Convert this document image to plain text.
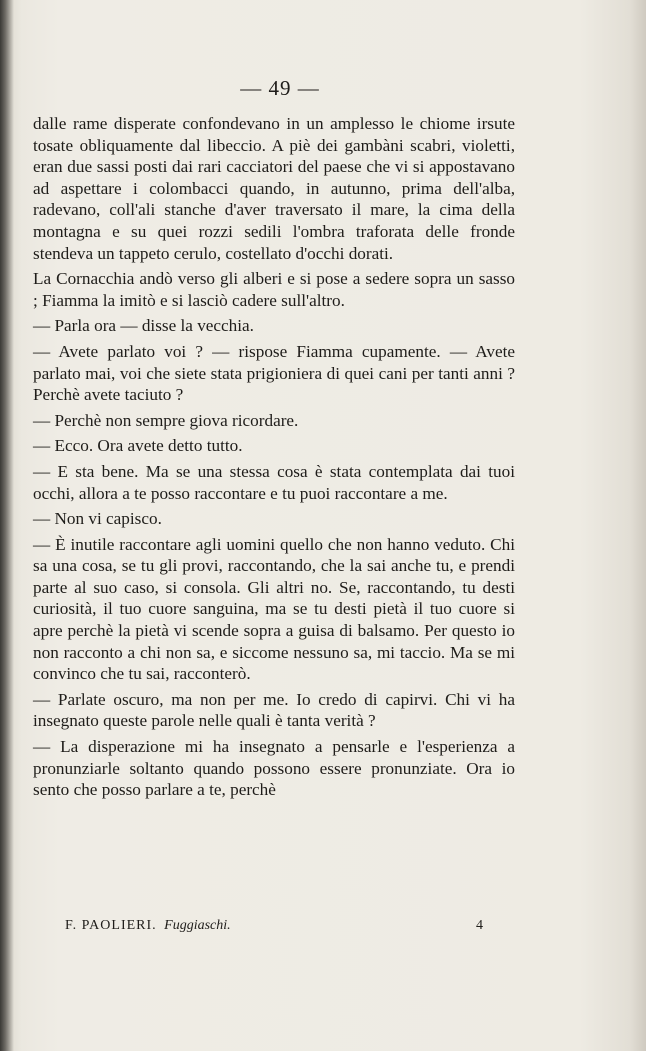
— 49 —

dalle rame disperate confondevano in un amplesso le chiome irsute tosate obliquamente dal libeccio. A piè dei gambàni scabri, violetti, eran due sassi posti dai rari cacciatori del paese che vi si appostavano ad aspettare i colombacci quando, in autunno, prima dell'alba, radevano, coll'ali stanche d'aver traversato il mare, la cima della montagna e su quei rozzi sedili l'ombra traforata delle fronde stendeva un tappeto cerulo, costellato d'occhi dorati.

La Cornacchia andò verso gli alberi e si pose a sedere sopra un sasso ; Fiamma la imitò e si lasciò cadere sull'altro.

— Parla ora — disse la vecchia.

— Avete parlato voi ? — rispose Fiamma cupamente. — Avete parlato mai, voi che siete stata prigioniera di quei cani per tanti anni ? Perchè avete taciuto ?

— Perchè non sempre giova ricordare.

— Ecco. Ora avete detto tutto.

— E sta bene. Ma se una stessa cosa è stata contemplata dai tuoi occhi, allora a te posso raccontare e tu puoi raccontare a me.

— Non vi capisco.

— È inutile raccontare agli uomini quello che non hanno veduto. Chi sa una cosa, se tu gli provi, raccontando, che la sai anche tu, e prendi parte al suo caso, si consola. Gli altri no. Se, raccontando, tu desti curiosità, il tuo cuore sanguina, ma se tu desti pietà il tuo cuore si apre perchè la pietà vi scende sopra a guisa di balsamo. Per questo io non racconto a chi non sa, e siccome nessuno sa, mi taccio. Ma se mi convinco che tu sai, racconterò.

— Parlate oscuro, ma non per me. Io credo di capirvi. Chi vi ha insegnato queste parole nelle quali è tanta verità ?

— La disperazione mi ha insegnato a pensarle e l'esperienza a pronunziarle soltanto quando possono essere pronunziate. Ora io sento che posso parlare a te, perchè

F. PAOLIERI. Fuggiaschi.	4
